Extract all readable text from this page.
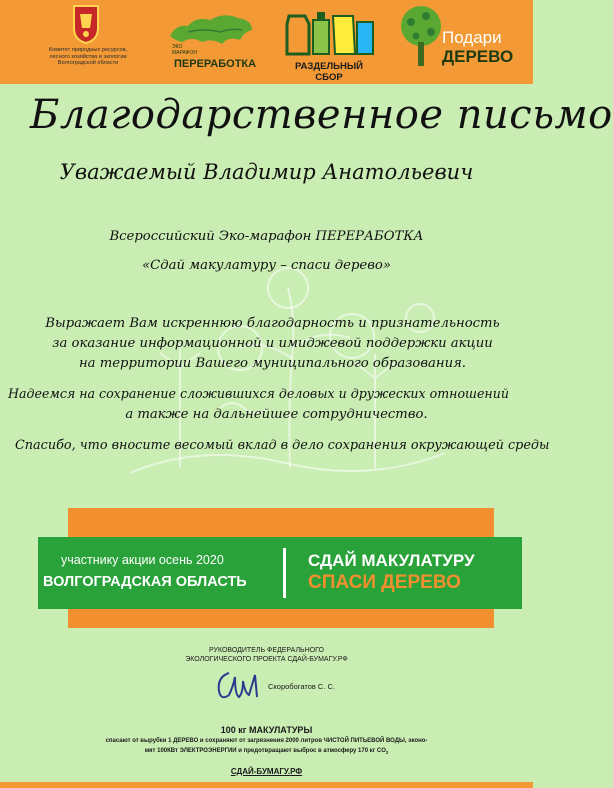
Комитет природных ресурсов,
лесного хозяйства и экологии
Волгоградской области
ЭКО
МАРАФОН
ПЕРЕРАБОТКА	РАЗДЕЛЬНЫЙ СБОР
Подари
ДЕРЕВО
Благодарственное письмо
Уважаемый Владимир Анатольевич
Всероссийский Эко-марафон ПЕРЕРАБОТКА
«Сдай макулатуру – спаси дерево»
Выражает Вам искреннюю благодарность и признательность
за оказание информационной и имиджевой поддержки акции
на территории Вашего муниципального образования.
Надеемся на сохранение сложившихся деловых и дружеских отношений
а также на дальнейшее сотрудничество.
Спасибо, что вносите весомый вклад в дело сохранения окружающей среды
участнику акции осень 2020
ВОЛГОГРАДСКАЯ ОБЛАСТЬ
СДАЙ МАКУЛАТУРУ
СПАСИ ДЕРЕВО
РУКОВОДИТЕЛЬ ФЕДЕРАЛЬНОГО
ЭКОЛОГИЧЕСКОГО ПРОЕКТА СДАЙ-БУМАГУ.РФ
Скоробогатов С. С.
100 кг МАКУЛАТУРЫ
спасают от вырубки 1 ДЕРЕВО и сохраняют от загрязнения 2000 литров ЧИСТОЙ ПИТЬЕВОЙ ВОДЫ, эконо-
мят 100КВт ЭЛЕКТРОЭНЕРГИИ и предотвращают выброс в атмосферу 170 кг $CO_2$
СДАЙ-БУМАГУ.РФ
